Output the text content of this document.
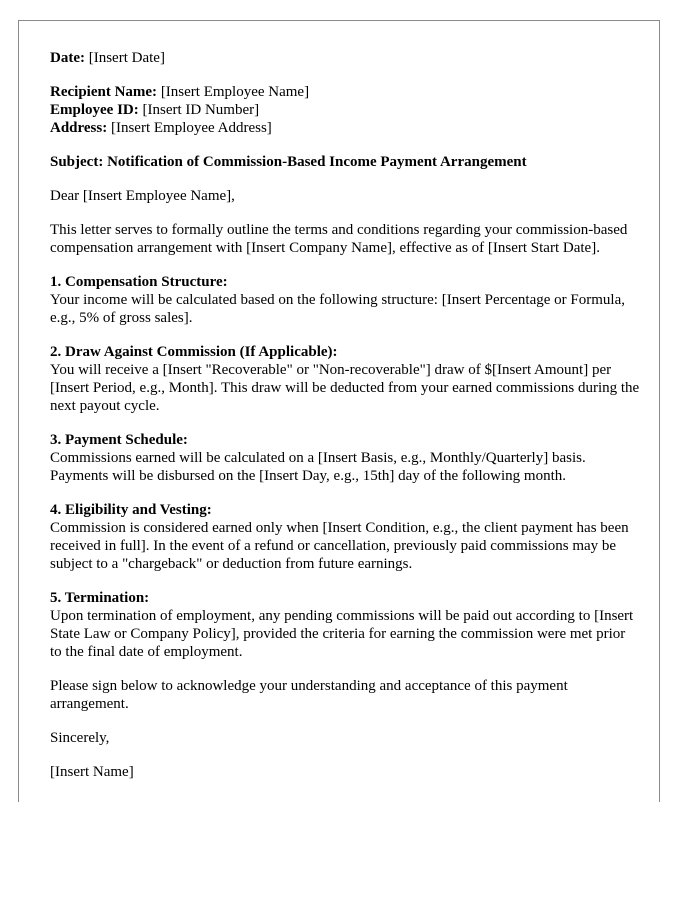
Date: [Insert Date]

Recipient Name: [Insert Employee Name]
Employee ID: [Insert ID Number]
Address: [Insert Employee Address]

Subject: Notification of Commission-Based Income Payment Arrangement

Dear [Insert Employee Name],

This letter serves to formally outline the terms and conditions regarding your commission-based compensation arrangement with [Insert Company Name], effective as of [Insert Start Date].

1. Compensation Structure:
Your income will be calculated based on the following structure: [Insert Percentage or Formula, e.g., 5% of gross sales].
2. Draw Against Commission (If Applicable):
You will receive a [Insert "Recoverable" or "Non-recoverable"] draw of $[Insert Amount] per [Insert Period, e.g., Month]. This draw will be deducted from your earned commissions during the next payout cycle.
3. Payment Schedule:
Commissions earned will be calculated on a [Insert Basis, e.g., Monthly/Quarterly] basis. Payments will be disbursed on the [Insert Day, e.g., 15th] day of the following month.
4. Eligibility and Vesting:
Commission is considered earned only when [Insert Condition, e.g., the client payment has been received in full]. In the event of a refund or cancellation, previously paid commissions may be subject to a "chargeback" or deduction from future earnings.
5. Termination:
Upon termination of employment, any pending commissions will be paid out according to [Insert State Law or Company Policy], provided the criteria for earning the commission were met prior to the final date of employment.

Please sign below to acknowledge your understanding and acceptance of this payment arrangement.

Sincerely,

[Insert Name]
